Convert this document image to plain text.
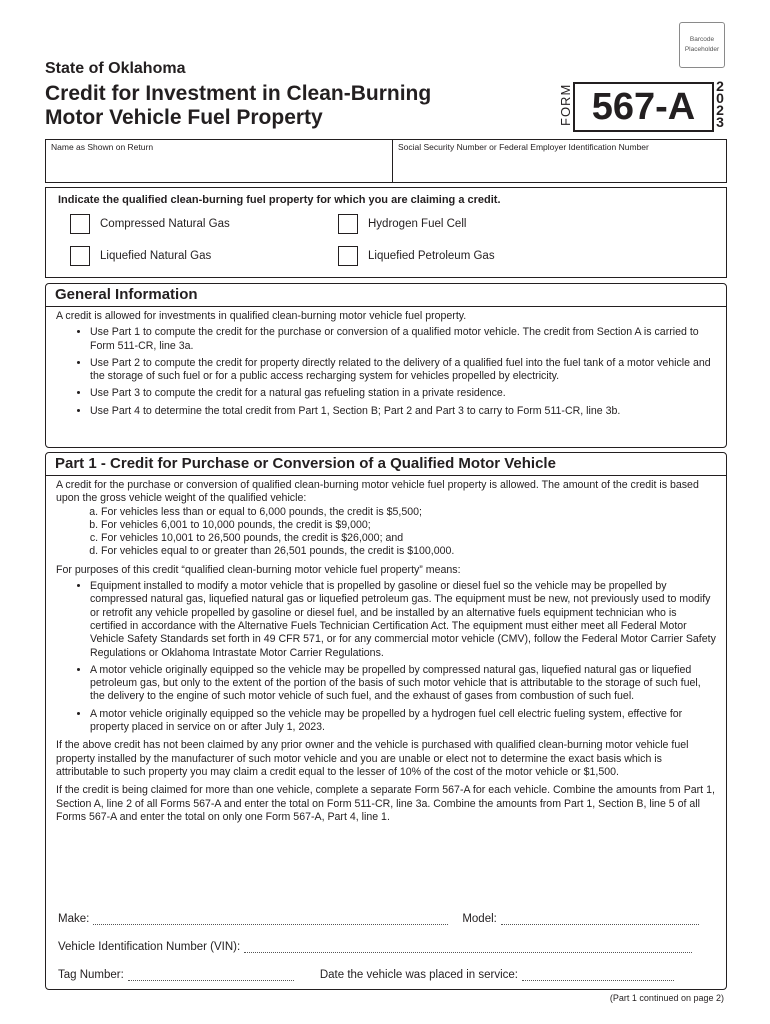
Barcode
Placeholder
State of Oklahoma
Credit for Investment in Clean-Burning
Motor Vehicle Fuel Property	FORM 567-A	2
0
2
3
Name as Shown on Return	Social Security Number or Federal Employer Identification Number
Indicate the qualified clean-burning fuel property for which you are claiming a credit.
Compressed Natural Gas	Hydrogen Fuel Cell
Liquefied Natural Gas	Liquefied Petroleum Gas
General Information

A credit is allowed for investments in qualified clean-burning motor vehicle fuel property.

• Use Part 1 to compute the credit for the purchase or conversion of a qualified motor vehicle. The credit from Section A is carried to Form 511-CR, line 3a.
• Use Part 2 to compute the credit for property directly related to the delivery of a qualified fuel into the fuel tank of a motor vehicle and the storage of such fuel or for a public access recharging system for vehicles propelled by electricity.
• Use Part 3 to compute the credit for a natural gas refueling station in a private residence.
• Use Part 4 to determine the total credit from Part 1, Section B; Part 2 and Part 3 to carry to Form 511-CR, line 3b.
Part 1 - Credit for Purchase or Conversion of a Qualified Motor Vehicle

A credit for the purchase or conversion of qualified clean-burning motor vehicle fuel property is allowed. The amount of the credit is based upon the gross vehicle weight of the qualified vehicle:

a. For vehicles less than or equal to 6,000 pounds, the credit is $5,500;
b. For vehicles 6,001 to 10,000 pounds, the credit is $9,000;
c. For vehicles 10,001 to 26,500 pounds, the credit is $26,000; and
d. For vehicles equal to or greater than 26,501 pounds, the credit is $100,000.

For purposes of this credit “qualified clean-burning motor vehicle fuel property” means:

• Equipment installed to modify a motor vehicle that is propelled by gasoline or diesel fuel so the vehicle may be propelled by compressed natural gas, liquefied natural gas or liquefied petroleum gas. The equipment must be new, not previously used to modify or retrofit any vehicle propelled by gasoline or diesel fuel, and be installed by an alternative fuels equipment technician who is certified in accordance with the Alternative Fuels Technician Certification Act. The equipment must either meet all Federal Motor Vehicle Safety Standards set forth in 49 CFR 571, or for any commercial motor vehicle (CMV), follow the Federal Motor Carrier Safety Regulations or Oklahoma Intrastate Motor Carrier Regulations.
• A motor vehicle originally equipped so the vehicle may be propelled by compressed natural gas, liquefied natural gas or liquefied petroleum gas, but only to the extent of the portion of the basis of such motor vehicle that is attributable to the storage of such fuel, the delivery to the engine of such motor vehicle of such fuel, and the exhaust of gases from combustion of such fuel.
• A motor vehicle originally equipped so the vehicle may be propelled by a hydrogen fuel cell electric fueling system, effective for property placed in service on or after July 1, 2023.

If the above credit has not been claimed by any prior owner and the vehicle is purchased with qualified clean-burning motor vehicle fuel property installed by the manufacturer of such motor vehicle and you are unable or elect not to determine the exact basis which is attributable to such property you may claim a credit equal to the lesser of 10% of the cost of the motor vehicle or $1,500.

If the credit is being claimed for more than one vehicle, complete a separate Form 567-A for each vehicle. Combine the amounts from Part 1, Section A, line 2 of all Forms 567-A and enter the total on Form 511-CR, line 3a. Combine the amounts from Part 1, Section B, line 5 of all Forms 567-A and enter the total on only one Form 567-A, Part 4, line 1.

Make:	Model:
Vehicle Identification Number (VIN):
Tag Number:	Date the vehicle was placed in service:
(Part 1 continued on page 2)
